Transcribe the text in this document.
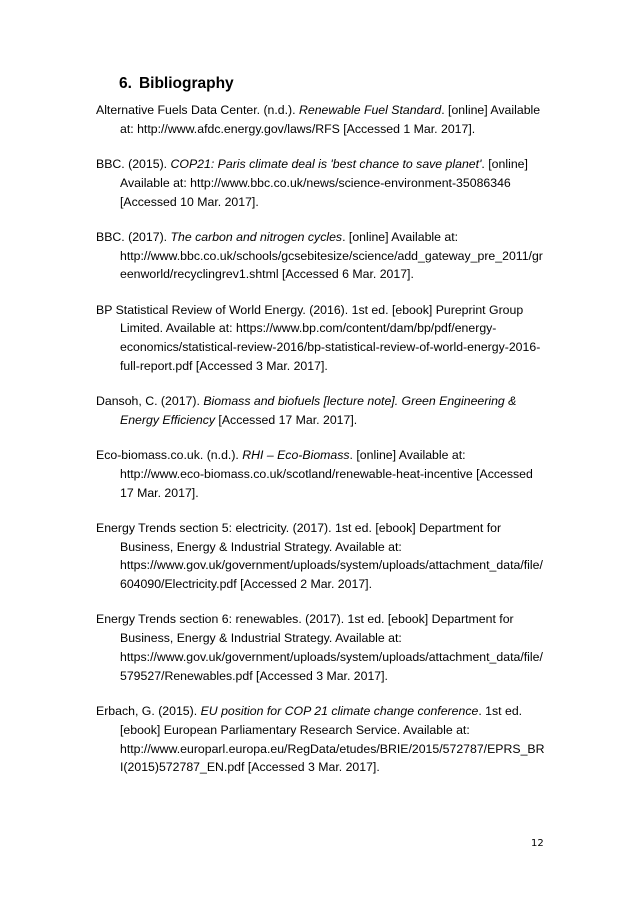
6. Bibliography

Alternative Fuels Data Center. (n.d.). Renewable Fuel Standard. [online] Available at: http://www.afdc.energy.gov/laws/RFS [Accessed 1 Mar. 2017].

BBC. (2015). COP21: Paris climate deal is 'best chance to save planet'. [online] Available at: http://www.bbc.co.uk/news/science-environment-35086346 [Accessed 10 Mar. 2017].

BBC. (2017). The carbon and nitrogen cycles. [online] Available at: http://www.bbc.co.uk/schools/gcsebitesize/science/add_gateway_pre_2011/greenworld/recyclingrev1.shtml [Accessed 6 Mar. 2017].

BP Statistical Review of World Energy. (2016). 1st ed. [ebook] Pureprint Group Limited. Available at: https://www.bp.com/content/dam/bp/pdf/energy-economics/statistical-review-2016/bp-statistical-review-of-world-energy-2016-full-report.pdf [Accessed 3 Mar. 2017].

Dansoh, C. (2017). Biomass and biofuels [lecture note]. Green Engineering & Energy Efficiency [Accessed 17 Mar. 2017].

Eco-biomass.co.uk. (n.d.). RHI – Eco-Biomass. [online] Available at: http://www.eco-biomass.co.uk/scotland/renewable-heat-incentive [Accessed 17 Mar. 2017].

Energy Trends section 5: electricity. (2017). 1st ed. [ebook] Department for Business, Energy & Industrial Strategy. Available at: https://www.gov.uk/government/uploads/system/uploads/attachment_data/file/604090/Electricity.pdf [Accessed 2 Mar. 2017].

Energy Trends section 6: renewables. (2017). 1st ed. [ebook] Department for Business, Energy & Industrial Strategy. Available at: https://www.gov.uk/government/uploads/system/uploads/attachment_data/file/579527/Renewables.pdf [Accessed 3 Mar. 2017].

Erbach, G. (2015). EU position for COP 21 climate change conference. 1st ed. [ebook] European Parliamentary Research Service. Available at: http://www.europarl.europa.eu/RegData/etudes/BRIE/2015/572787/EPRS_BRI(2015)572787_EN.pdf [Accessed 3 Mar. 2017].

12
